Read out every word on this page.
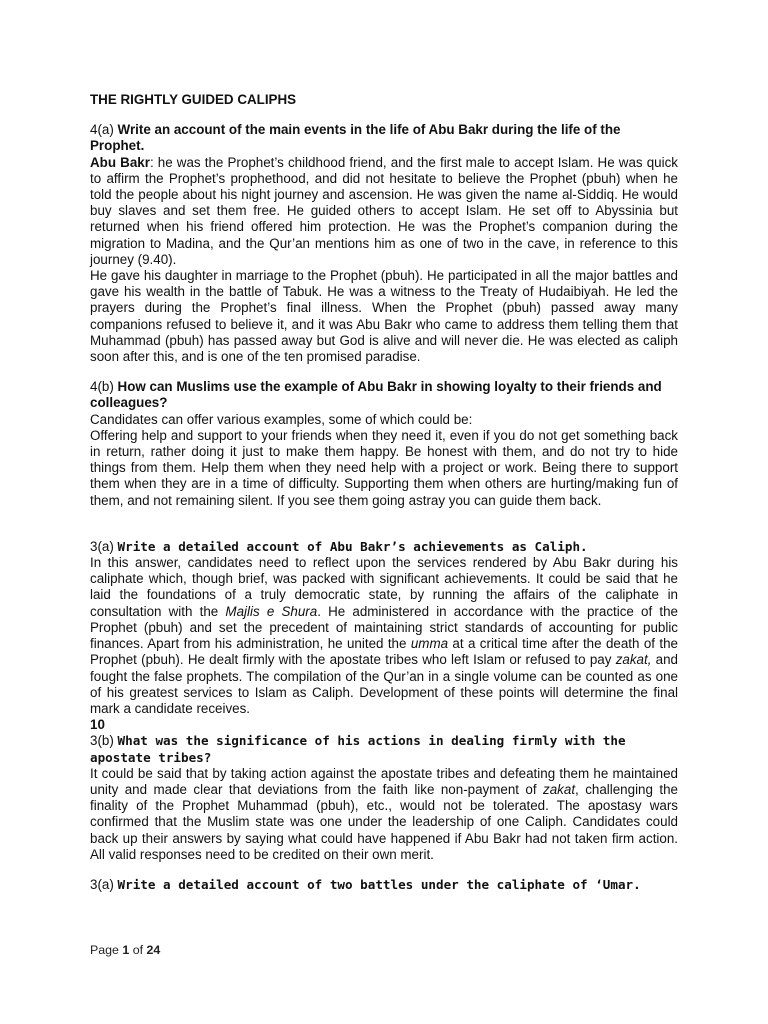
THE RIGHTLY GUIDED CALIPHS
4(a) Write an account of the main events in the life of Abu Bakr during the life of the Prophet.

Abu Bakr: he was the Prophet’s childhood friend, and the first male to accept Islam. He was quick to affirm the Prophet’s prophethood, and did not hesitate to believe the Prophet (pbuh) when he told the people about his night journey and ascension. He was given the name al-Siddiq. He would buy slaves and set them free. He guided others to accept Islam. He set off to Abyssinia but returned when his friend offered him protection. He was the Prophet’s companion during the migration to Madina, and the Qur’an mentions him as one of two in the cave, in reference to this journey (9.40).

He gave his daughter in marriage to the Prophet (pbuh). He participated in all the major battles and gave his wealth in the battle of Tabuk. He was a witness to the Treaty of Hudaibiyah. He led the prayers during the Prophet’s final illness. When the Prophet (pbuh) passed away many companions refused to believe it, and it was Abu Bakr who came to address them telling them that Muhammad (pbuh) has passed away but God is alive and will never die. He was elected as caliph soon after this, and is one of the ten promised paradise.

4(b) How can Muslims use the example of Abu Bakr in showing loyalty to their friends and colleagues?

Candidates can offer various examples, some of which could be:

Offering help and support to your friends when they need it, even if you do not get something back in return, rather doing it just to make them happy. Be honest with them, and do not try to hide things from them. Help them when they need help with a project or work. Being there to support them when they are in a time of difficulty. Supporting them when others are hurting/making fun of them, and not remaining silent. If you see them going astray you can guide them back.

3(a) Write a detailed account of Abu Bakr’s achievements as Caliph.

In this answer, candidates need to reflect upon the services rendered by Abu Bakr during his caliphate which, though brief, was packed with significant achievements. It could be said that he laid the foundations of a truly democratic state, by running the affairs of the caliphate in consultation with the Majlis e Shura. He administered in accordance with the practice of the Prophet (pbuh) and set the precedent of maintaining strict standards of accounting for public finances. Apart from his administration, he united the umma at a critical time after the death of the Prophet (pbuh). He dealt firmly with the apostate tribes who left Islam or refused to pay zakat, and fought the false prophets. The compilation of the Qur’an in a single volume can be counted as one of his greatest services to Islam as Caliph. Development of these points will determine the final mark a candidate receives.

10
3(b) What was the significance of his actions in dealing firmly with the apostate tribes?

It could be said that by taking action against the apostate tribes and defeating them he maintained unity and made clear that deviations from the faith like non-payment of zakat, challenging the finality of the Prophet Muhammad (pbuh), etc., would not be tolerated. The apostasy wars confirmed that the Muslim state was one under the leadership of one Caliph. Candidates could back up their answers by saying what could have happened if Abu Bakr had not taken firm action. All valid responses need to be credited on their own merit.

3(a) Write a detailed account of two battles under the caliphate of ‘Umar.
Page 1 of 24
